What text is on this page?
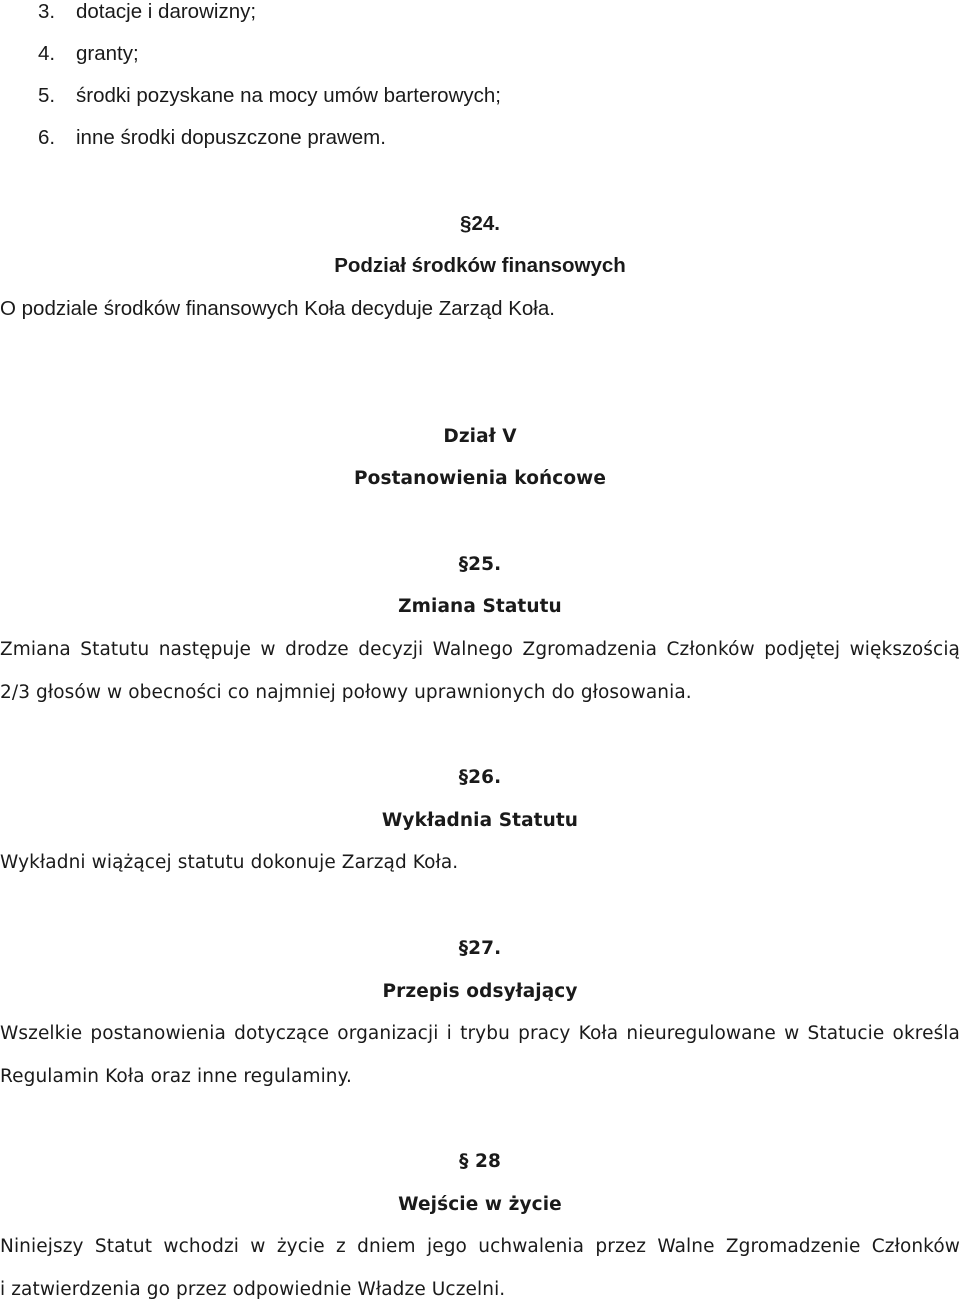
3. dotacje i darowizny;
4. granty;
5. środki pozyskane na mocy umów barterowych;
6. inne środki dopuszczone prawem.
§24.
Podział środków finansowych
O podziale środków finansowych Koła decyduje Zarząd Koła.
Dział V
Postanowienia końcowe
§25.
Zmiana Statutu
Zmiana Statutu następuje w drodze decyzji Walnego Zgromadzenia Członków podjętej większością
2/3 głosów w obecności co najmniej połowy uprawnionych do głosowania.
§26.
Wykładnia Statutu
Wykładni wiążącej statutu dokonuje Zarząd Koła.
§27.
Przepis odsyłający
Wszelkie postanowienia dotyczące organizacji i trybu pracy Koła nieuregulowane w Statucie określa
Regulamin Koła oraz inne regulaminy.
§ 28
Wejście w życie
Niniejszy Statut wchodzi w życie z dniem jego uchwalenia przez Walne Zgromadzenie Członków
i zatwierdzenia go przez odpowiednie Władze Uczelni.
